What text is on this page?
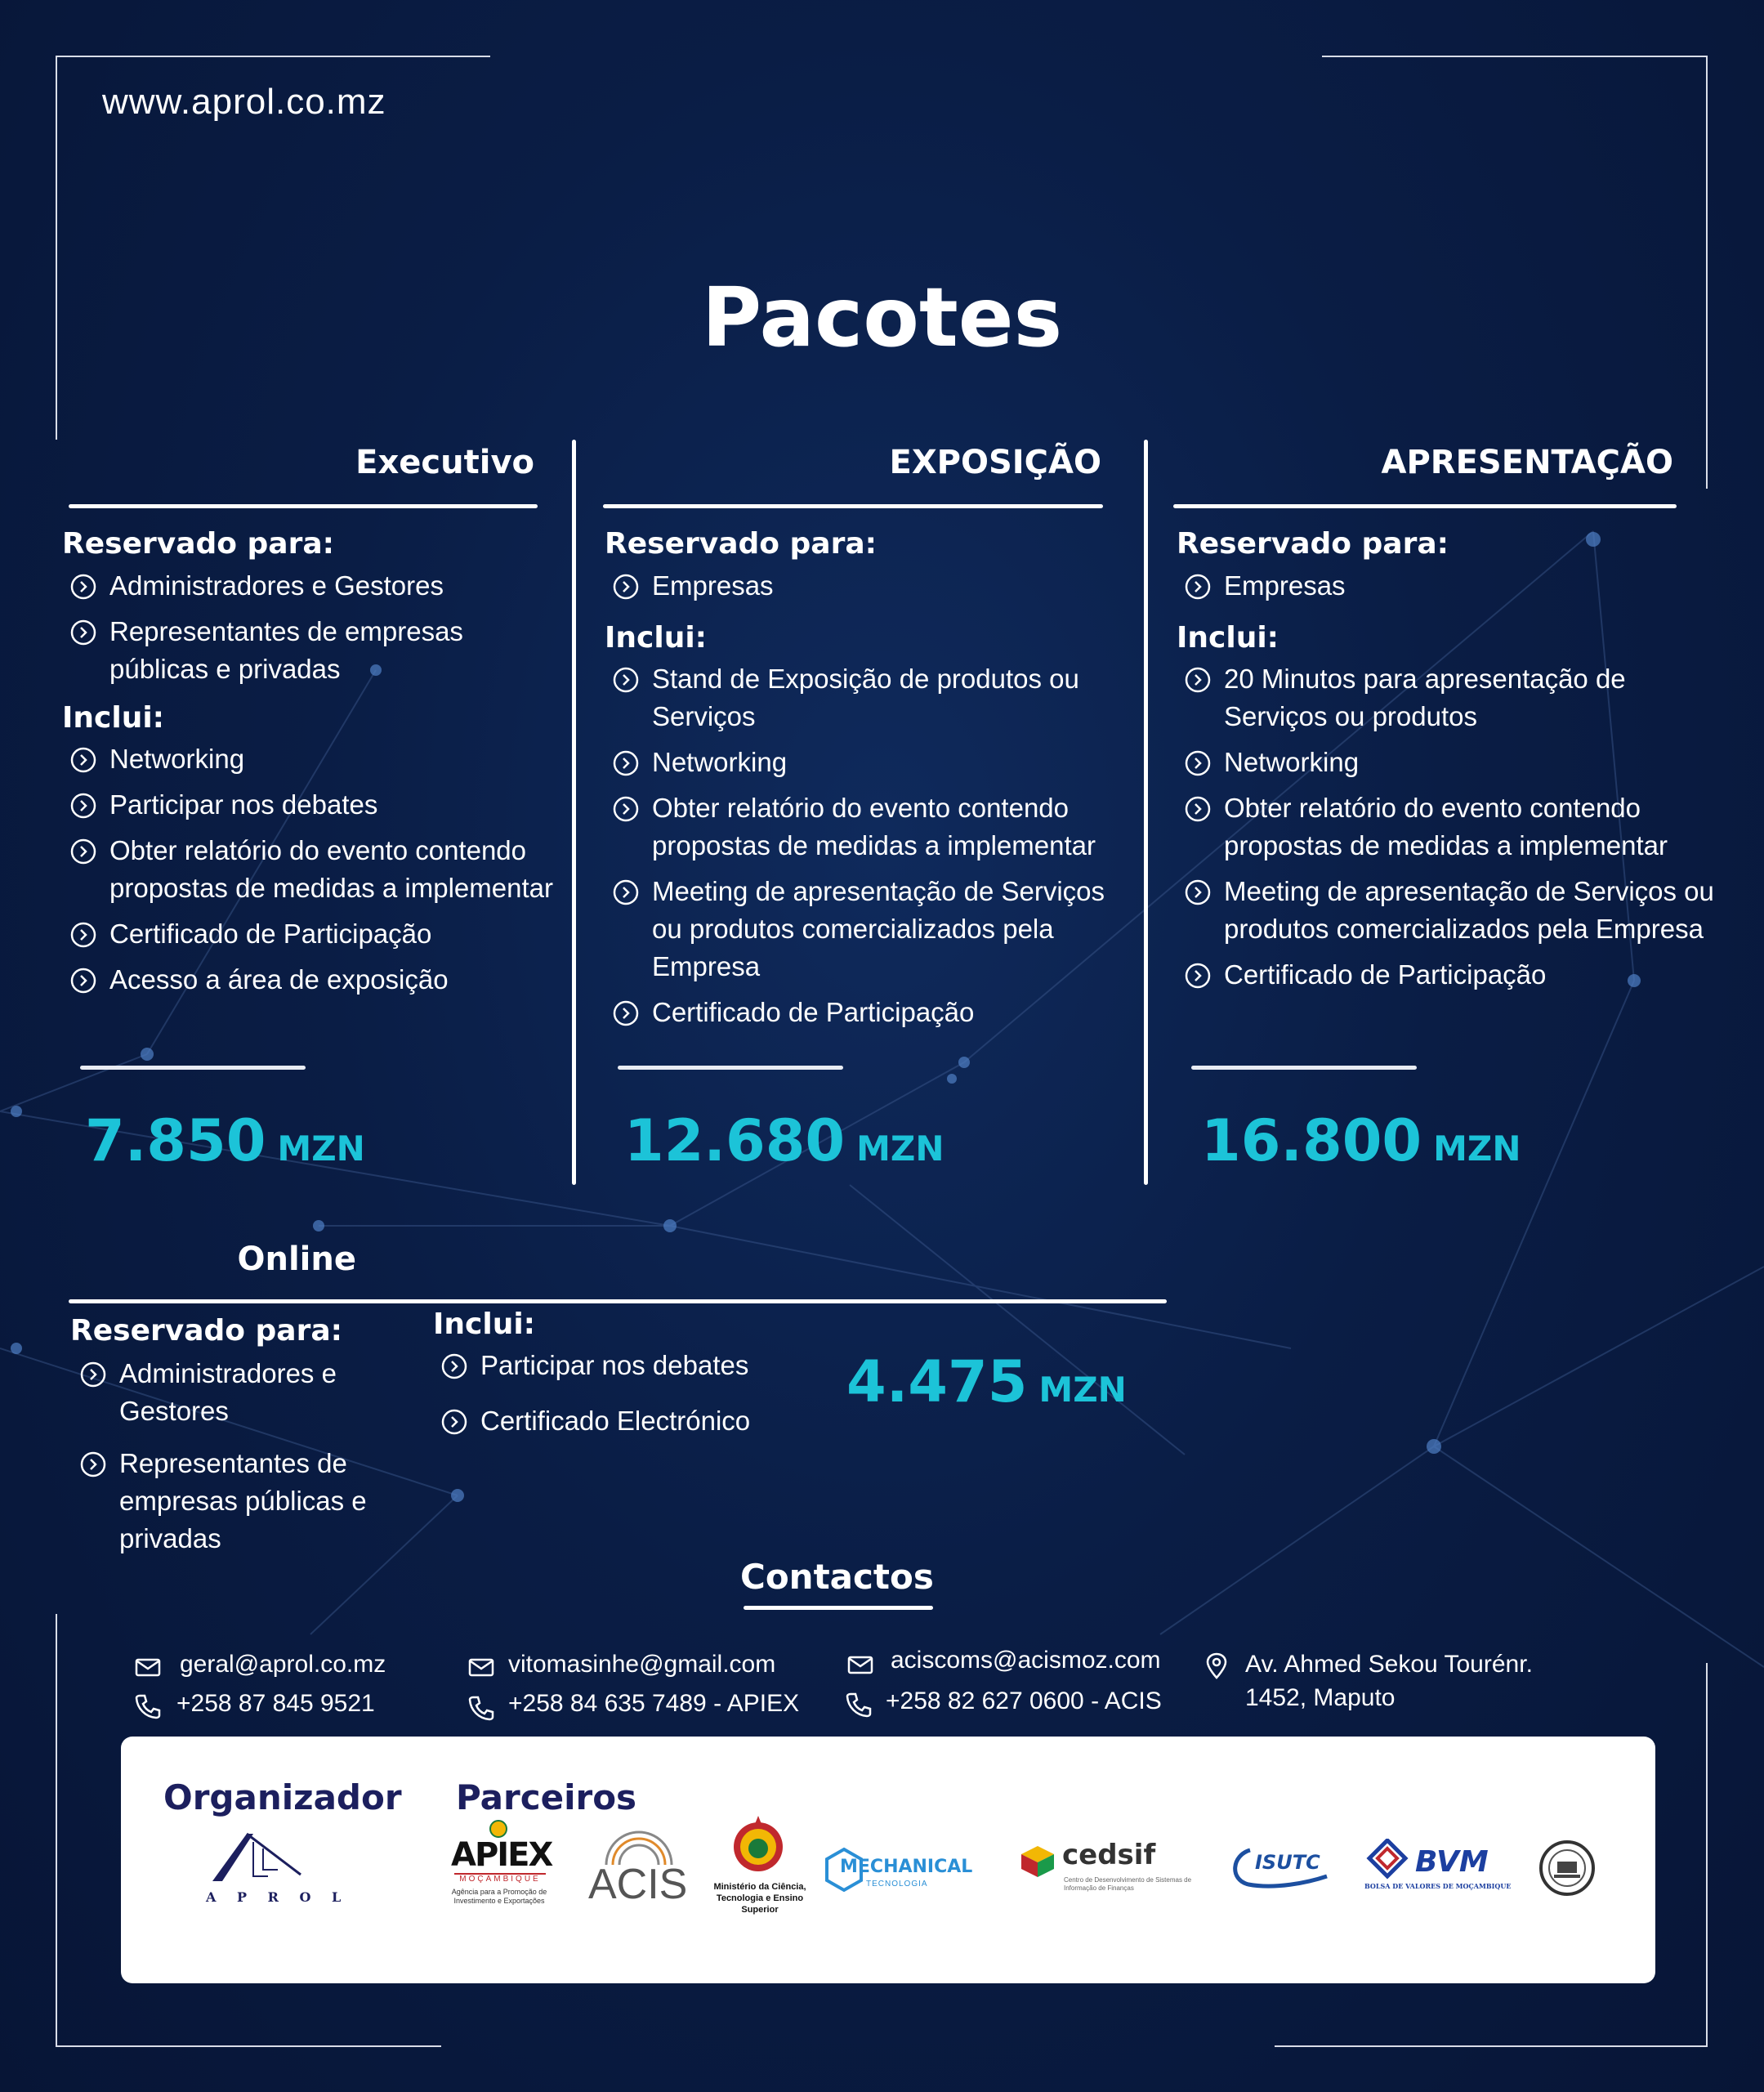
www.aprol.co.mz
Pacotes
Executivo
Reservado para:
Administradores e Gestores
Representantes de empresas públicas e privadas
Inclui:
Networking
Participar nos debates
Obter relatório do evento contendo propostas de medidas a implementar
Certificado de Participação
Acesso a área de exposição
7.850 MZN
EXPOSIÇÃO
Reservado para:
Empresas
Inclui:
Stand de Exposição de produtos ou Serviços
Networking
Obter relatório do evento contendo propostas de medidas a implementar
Meeting de apresentação de Serviços ou produtos comercializados pela Empresa
Certificado de Participação
12.680 MZN
APRESENTAÇÃO
Reservado para:
Empresas
Inclui:
20 Minutos para apresentação de Serviços ou produtos
Networking
Obter relatório do evento contendo propostas de medidas a implementar
Meeting de apresentação de Serviços ou produtos comercializados pela Empresa
Certificado de Participação
16.800 MZN
Online
Reservado para:
Administradores e Gestores
Representantes de empresas públicas e privadas
Inclui:
Participar nos debates
Certificado Electrónico
4.475 MZN
Contactos
geral@aprol.co.mz
+258 87 845 9521
vitomasinhe@gmail.com
+258 84 635 7489 - APIEX
aciscoms@acismoz.com
+258 82 627 0600 - ACIS
Av. Ahmed Sekou Tourénr.
1452, Maputo
Organizador Parceiros
A P R O L
APIEX
MOÇAMBIQUE
Agência para a Promoção de Investimento e Exportações ACIS	Ministério da Ciência, Tecnologia e Ensino Superior
MECHANICAL
TECNOLOGIA
cedsif
Centro de Desenvolvimento de Sistemas de Informação de Finanças
ISUTC	BVM
BOLSA DE VALORES DE MOÇAMBIQUE
